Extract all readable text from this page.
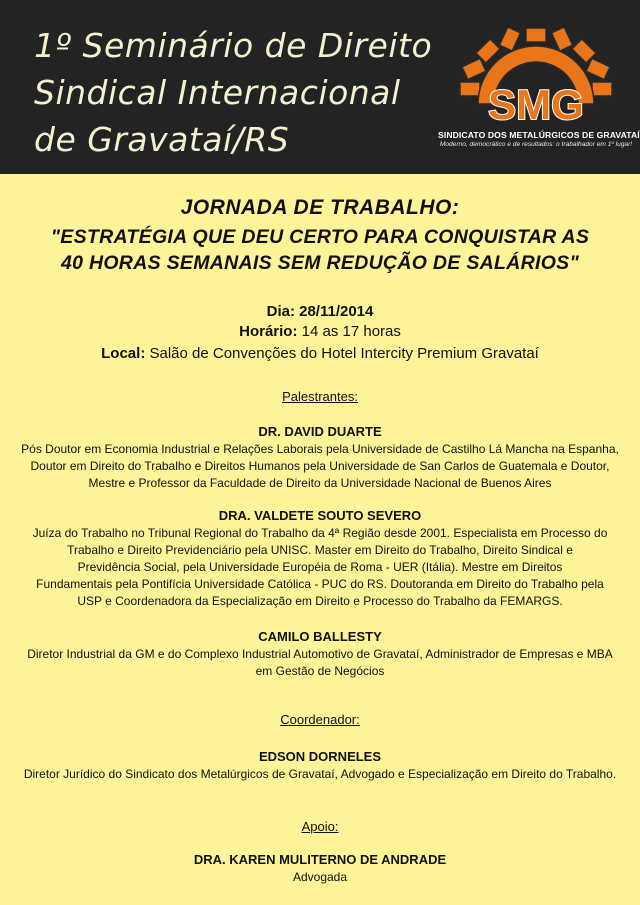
1º Seminário de Direito
Sindical Internacional
de Gravataí/RS
SMG
SINDICATO DOS METALÚRGICOS DE GRAVATAÍ
Moderno, democrático e de resultados: o trabalhador em 1º lugar!
JORNADA DE TRABALHO:
"ESTRATÉGIA QUE DEU CERTO PARA CONQUISTAR AS
40 HORAS SEMANAIS SEM REDUÇÃO DE SALÁRIOS"
Dia: 28/11/2014
Horário: 14 as 17 horas
Local: Salão de Convenções do Hotel Intercity Premium Gravataí
Palestrantes:
DR. DAVID DUARTE
Pós Doutor em Economia Industrial e Relações Laborais pela Universidade de Castilho Lá Mancha na Espanha,
Doutor em Direito do Trabalho e Direitos Humanos pela Universidade de San Carlos de Guatemala e Doutor,
Mestre e Professor da Faculdade de Direito da Universidade Nacional de Buenos Aires
DRA. VALDETE SOUTO SEVERO
Juíza do Trabalho no Tribunal Regional do Trabalho da 4ª Região desde 2001. Especialista em Processo do
Trabalho e Direito Previdenciário pela UNISC. Master em Direito do Trabalho, Direito Sindical e
Previdência Social, pela Universidade Européia de Roma - UER (Itália). Mestre em Direitos
Fundamentais pela Pontifícia Universidade Católica - PUC do RS. Doutoranda em Direito do Trabalho pela
USP e Coordenadora da Especialização em Direito e Processo do Trabalho da FEMARGS.
CAMILO BALLESTY
Diretor Industrial da GM e do Complexo Industrial Automotivo de Gravataí, Administrador de Empresas e MBA
em Gestão de Negócios
Coordenador:
EDSON DORNELES
Diretor Jurídico do Sindicato dos Metalúrgicos de Gravataí, Advogado e Especialização em Direito do Trabalho.
Apoio:
DRA. KAREN MULITERNO DE ANDRADE
Advogada
